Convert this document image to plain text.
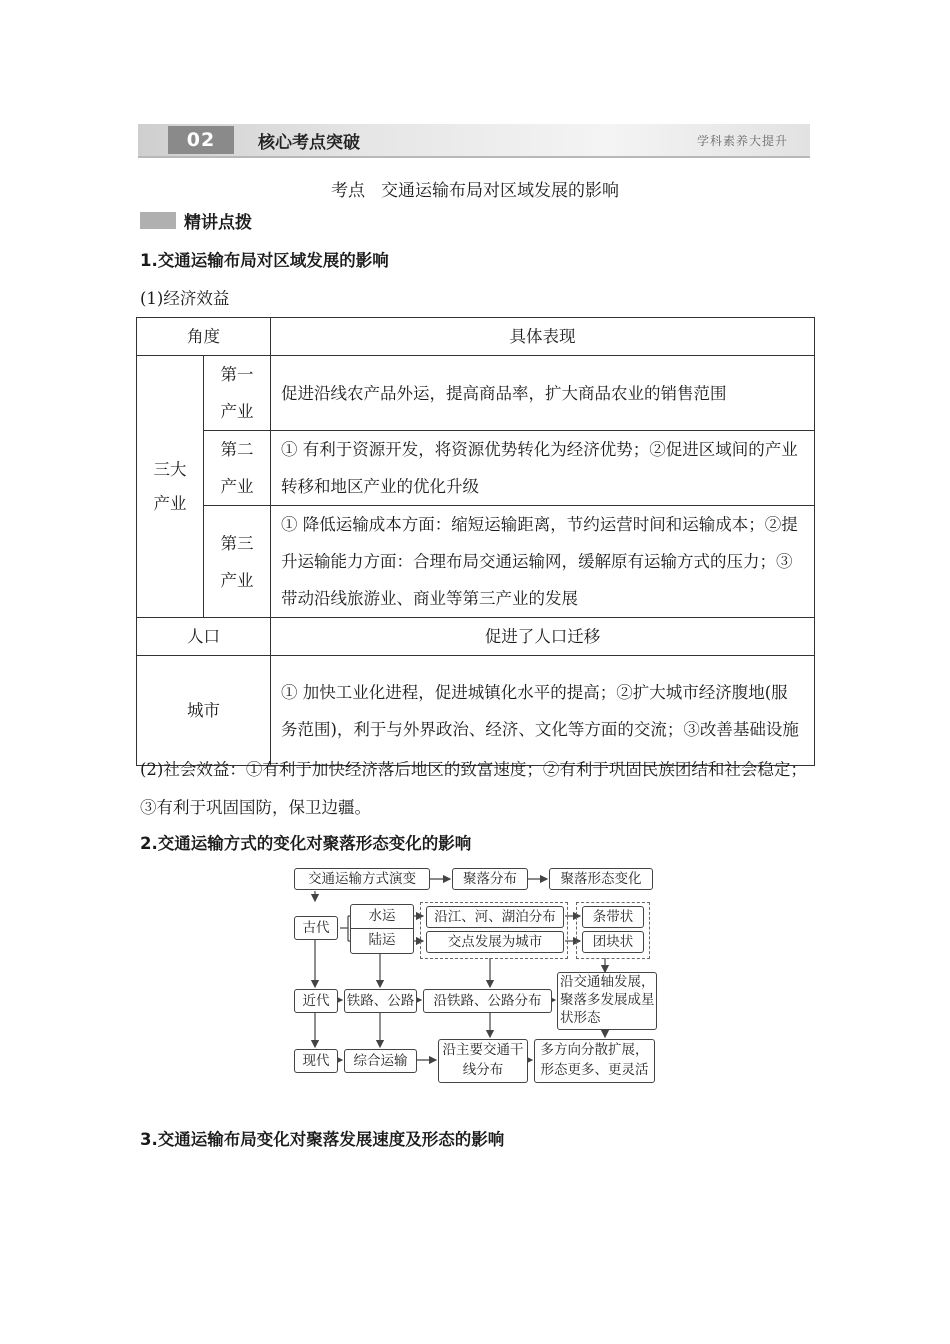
02	核心考点突破	学科素养大提升
考点 交通运输布局对区域发展的影响
精讲点拨
1.交通运输布局对区域发展的影响
(1)经济效益
角度		具体表现

三大产业	第一产业	促进沿线农产品外运，提高商品率，扩大商品农业的销售范围

	第二产业	① 有利于资源开发，将资源优势转化为经济优势；②促进区域间的产业转移和地区产业的优化升级

	第三产业	① 降低运输成本方面：缩短运输距离，节约运营时间和运输成本；②提升运输能力方面：合理布局交通运输网，缓解原有运输方式的压力；③带动沿线旅游业、商业等第三产业的发展
人口		促进了人口迁移
城市		① 加快工业化进程，促进城镇化水平的提高；②扩大城市经济腹地(服务范围)，利于与外界政治、经济、文化等方面的交流；③改善基础设施
(2)社会效益：①有利于加快经济落后地区的致富速度；②有利于巩固民族团结和社会稳定；③有利于巩固国防，保卫边疆。
2.交通运输方式的变化对聚落形态变化的影响
交通运输方式演变	聚落分布	聚落形态变化
古代
水运
陆运
沿江、河、湖泊分布
交点发展为城市
条带状
团块状
近代	铁路、公路	沿铁路、公路分布
沿交通轴发展，聚落多发展成星状形态
现代	综合运输
沿主要交通干线分布
多方向分散扩展，形态更多、更灵活
3.交通运输布局变化对聚落发展速度及形态的影响
